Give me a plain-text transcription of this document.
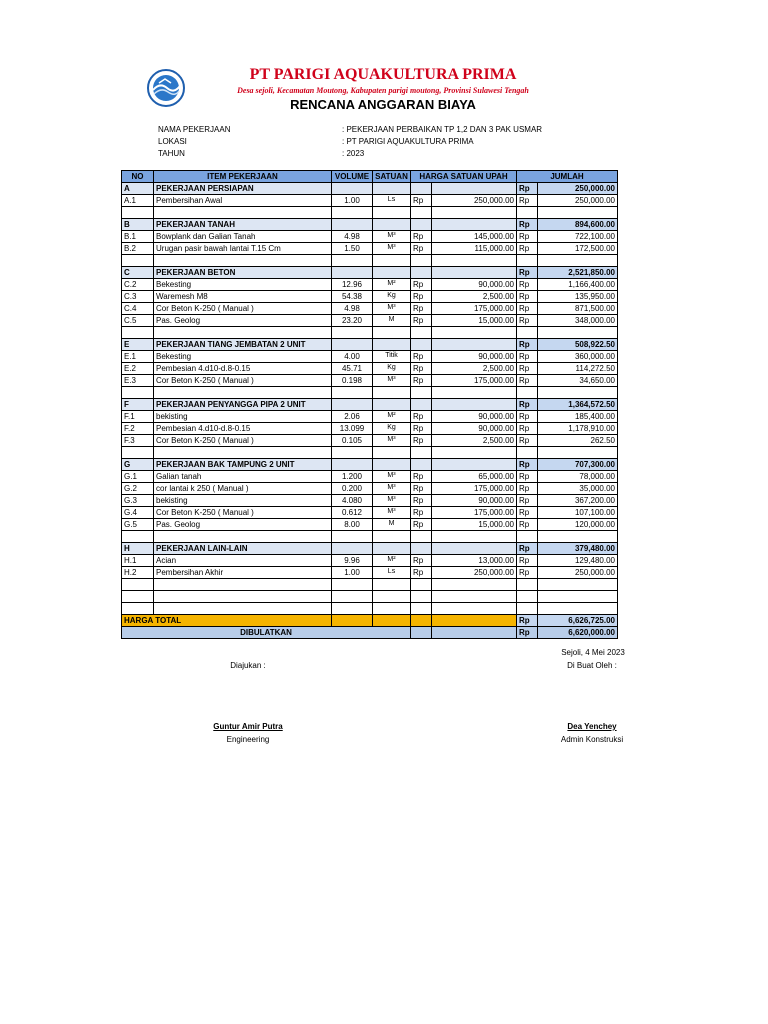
PT PARIGI AQUAKULTURA PRIMA
Desa sejoli, Kecamatan Moutong, Kabupaten parigi moutong, Provinsi Sulawesi Tengah
RENCANA ANGGARAN BIAYA
NAMA PEKERJAAN	: PEKERJAAN PERBAIKAN TP 1,2 DAN 3 PAK USMAR
LOKASI	: PT PARIGI AQUAKULTURA PRIMA
TAHUN	: 2023
NO	ITEM PEKERJAAN	VOLUME	SATUAN	HARGA SATUAN UPAH		JUMLAH	
A	PEKERJAAN PERSIAPAN					Rp	250,000.00
A.1	Pembersihan Awal	1.00	Ls	Rp	250,000.00	Rp	250,000.00

B	PEKERJAAN TANAH					Rp	894,600.00
B.1	Bowplank dan Galian Tanah	4.98	M³	Rp	145,000.00	Rp	722,100.00
B.2	Urugan pasir bawah lantai T.15 Cm	1.50	M³	Rp	115,000.00	Rp	172,500.00

C	PEKERJAAN BETON					Rp	2,521,850.00
C.2	Bekesting	12.96	M²	Rp	90,000.00	Rp	1,166,400.00
C.3	Waremesh M8	54.38	Kg	Rp	2,500.00	Rp	135,950.00
C.4	Cor Beton K-250 ( Manual )	4.98	M³	Rp	175,000.00	Rp	871,500.00
C.5	Pas. Geolog	23.20	M	Rp	15,000.00	Rp	348,000.00

E	PEKERJAAN TIANG JEMBATAN 2 UNIT					Rp	508,922.50
E.1	Bekesting	4.00	Titik	Rp	90,000.00	Rp	360,000.00
E.2	Pembesian 4.d10-d.8-0.15	45.71	Kg	Rp	2,500.00	Rp	114,272.50
E.3	Cor Beton K-250 ( Manual )	0.198	M³	Rp	175,000.00	Rp	34,650.00

F	PEKERJAAN PENYANGGA PIPA 2 UNIT					Rp	1,364,572.50
F.1	bekisting	2.06	M²	Rp	90,000.00	Rp	185,400.00
F.2	Pembesian 4.d10-d.8-0.15	13.099	Kg	Rp	90,000.00	Rp	1,178,910.00
F.3	Cor Beton K-250 ( Manual )	0.105	M³	Rp	2,500.00	Rp	262.50

G	PEKERJAAN BAK TAMPUNG 2 UNIT					Rp	707,300.00
G.1	Galian tanah	1.200	M³	Rp	65,000.00	Rp	78,000.00
G.2	cor lantai k 250 ( Manual )	0.200	M³	Rp	175,000.00	Rp	35,000.00
G.3	bekisting	4.080	M³	Rp	90,000.00	Rp	367,200.00
G.4	Cor Beton K-250 ( Manual )	0.612	M³	Rp	175,000.00	Rp	107,100.00
G.5	Pas. Geolog	8.00	M	Rp	15,000.00	Rp	120,000.00

H	PEKERJAAN LAIN-LAIN					Rp	379,480.00
H.1	Acian	9.96	M²	Rp	13,000.00	Rp	129,480.00
H.2	Pembersihan Akhir	1.00	Ls	Rp	250,000.00	Rp	250,000.00

HARGA TOTAL						Rp	6,626,725.00
DIBULATKAN						Rp	6,620,000.00
Sejoli, 4 Mei 2023
Diajukan :	Di Buat Oleh :
Guntur Amir Putra
Engineering
Dea Yenchey
Admin Konstruksi
